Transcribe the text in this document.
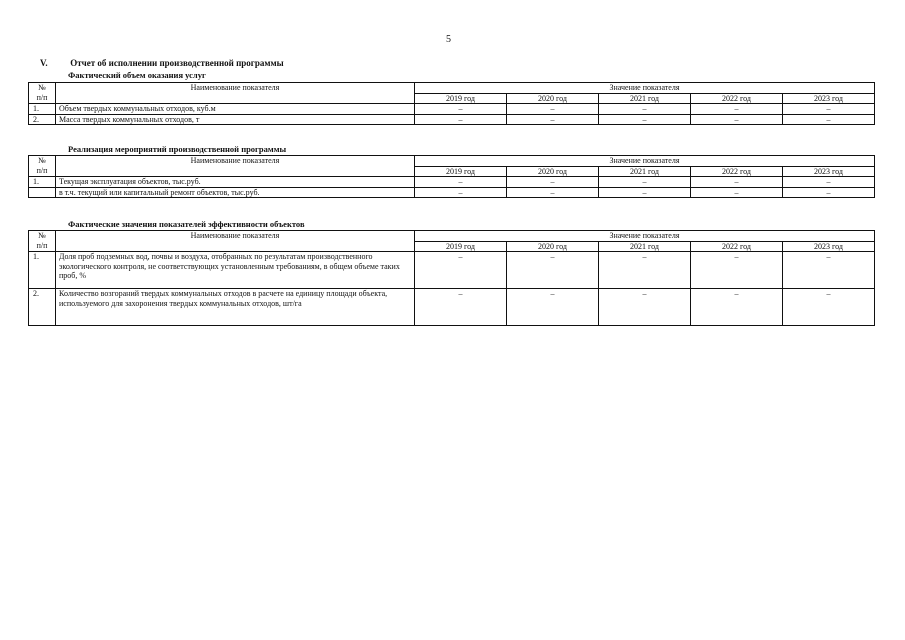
5
V.	Отчет об исполнении производственной программы
Фактический объем оказания услуг
№
п/п	Наименование показателя	Значение показателя				
		2019 год	2020 год	2021 год	2022 год	2023 год
1.	Объем твердых коммунальных отходов, куб.м	–	–	–	–	–
2.	Масса твердых коммунальных отходов, т	–	–	–	–	–
Реализация мероприятий производственной программы
№
п/п	Наименование показателя	Значение показателя				
		2019 год	2020 год	2021 год	2022 год	2023 год
1.	Текущая эксплуатация объектов, тыс.руб.	–	–	–	–	–
	в т.ч. текущий или капитальный ремонт объектов, тыс.руб.	–	–	–	–	–
Фактические значения показателей эффективности объектов
№
п/п	Наименование показателя	Значение показателя				
		2019 год	2020 год	2021 год	2022 год	2023 год
1.	Доля проб подземных вод, почвы и воздуха, отобранных по результатам производственного экологического контроля, не соответствующих установленным требованиям, в общем объеме таких проб, %	–	–	–	–	–
2.	Количество возгораний твердых коммунальных отходов в расчете на единицу площади объекта, используемого для захоронения твердых коммунальных отходов, шт/га	–	–	–	–	–
